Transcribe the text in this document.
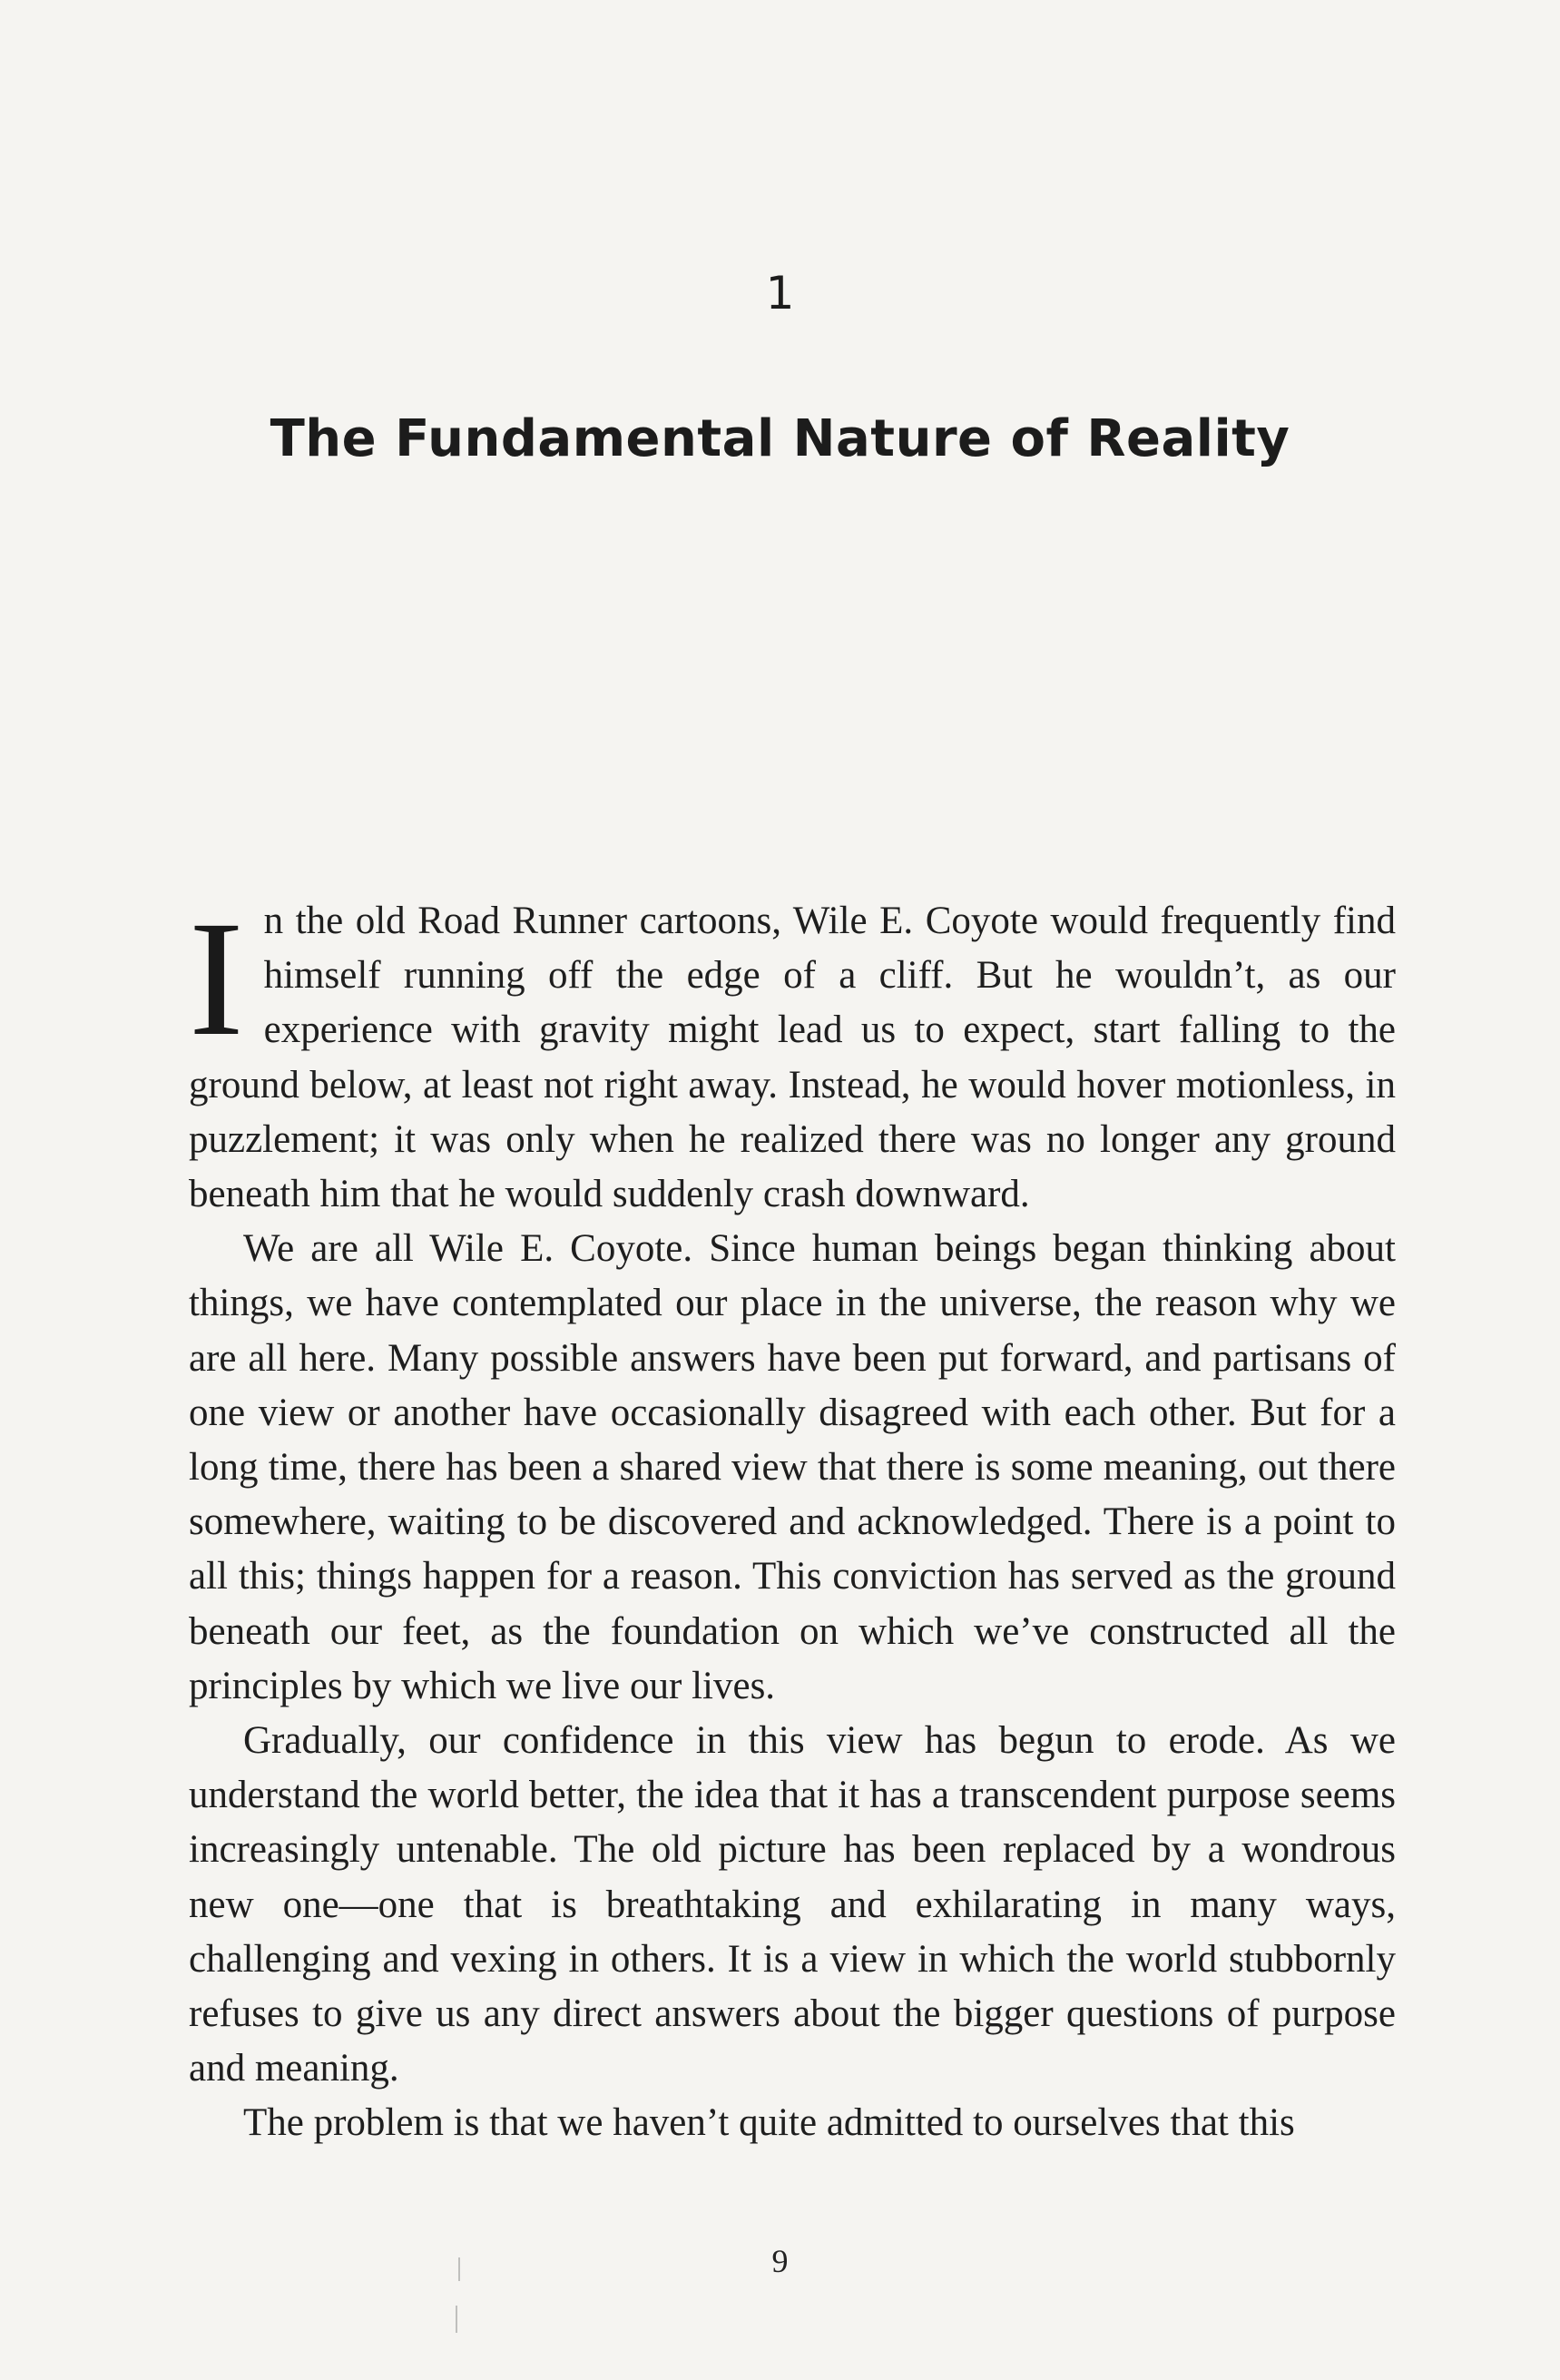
1
The Fundamental Nature of Reality

In the old Road Runner cartoons, Wile E. Coyote would frequently find himself running off the edge of a cliff. But he wouldn’t, as our experience with gravity might lead us to expect, start falling to the ground below, at least not right away. Instead, he would hover motionless, in puzzlement; it was only when he realized there was no longer any ground beneath him that he would suddenly crash downward.

We are all Wile E. Coyote. Since human beings began thinking about things, we have contemplated our place in the universe, the reason why we are all here. Many possible answers have been put forward, and partisans of one view or another have occasionally disagreed with each other. But for a long time, there has been a shared view that there is some meaning, out there somewhere, waiting to be discovered and acknowledged. There is a point to all this; things happen for a reason. This conviction has served as the ground beneath our feet, as the foundation on which we’ve constructed all the principles by which we live our lives.

Gradually, our confidence in this view has begun to erode. As we understand the world better, the idea that it has a transcendent purpose seems increasingly untenable. The old picture has been replaced by a wondrous new one—one that is breathtaking and exhilarating in many ways, challenging and vexing in others. It is a view in which the world stubbornly refuses to give us any direct answers about the bigger questions of purpose and meaning.

The problem is that we haven’t quite admitted to ourselves that this

9
